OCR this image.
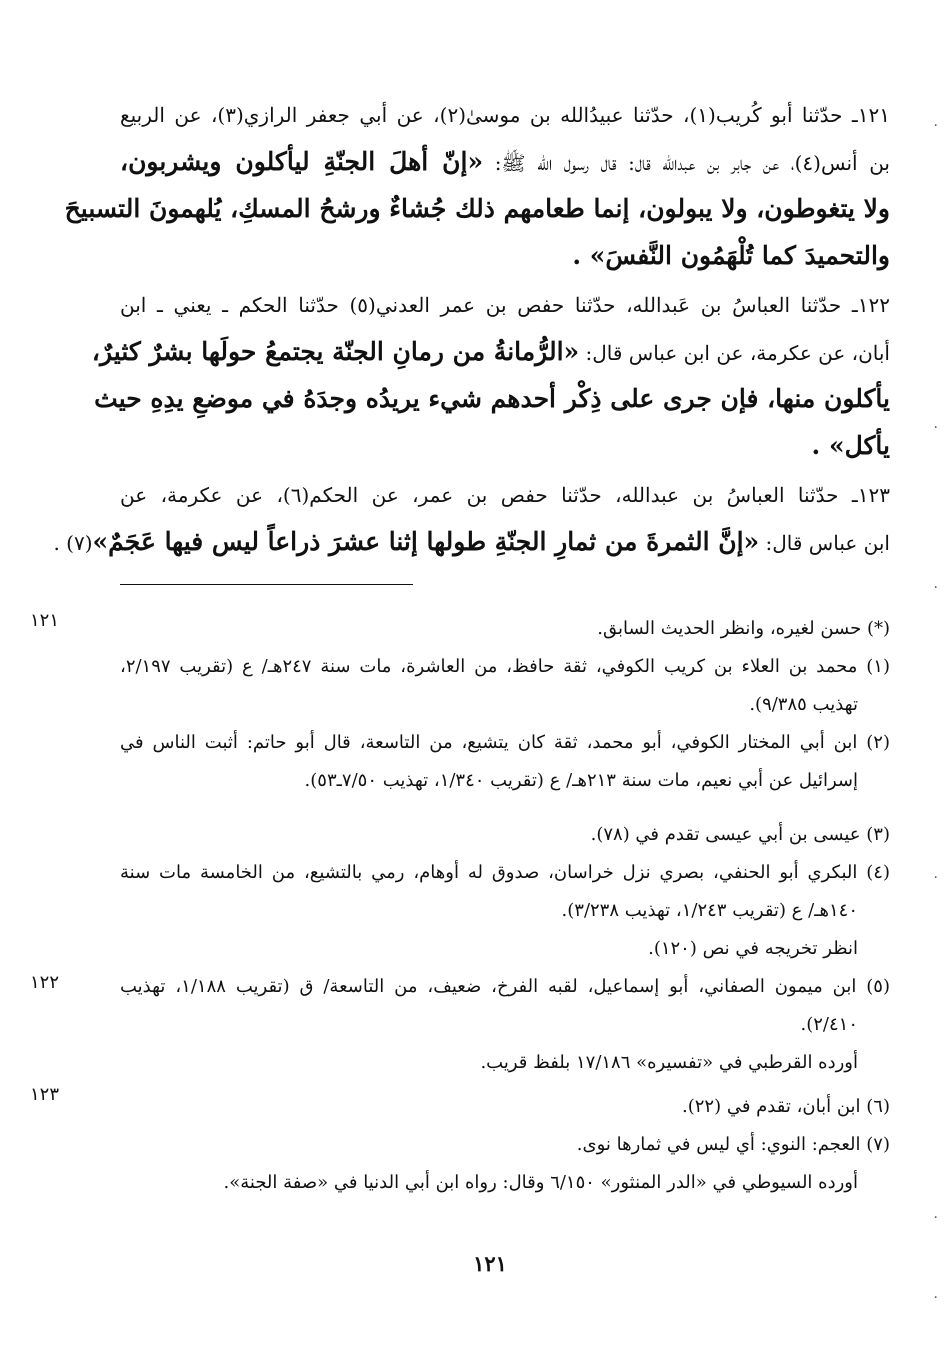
١٢١ـ حدّثنا أبو كُريب(١)، حدّثنا عبيدُالله بن موسىٰ(٢)، عن أبي جعفر الرازي(٣)، عن الربيع
بن أنس(٤)، عن جابر بن عبدالله قال: قال رسول الله ﷺ: «إنّ أهلَ الجنّةِ ليأكلون ويشربون،
ولا يتغوطون، ولا يبولون، إنما طعامهم ذلك جُشاءٌ ورشحُ المسكِ، يُلهمونَ التسبيحَ
والتحميدَ كما تُلْهَمُون النَّفسَ» .
١٢٢ـ حدّثنا العباسُ بن عَبدالله، حدّثنا حفص بن عمر العدني(٥) حدّثنا الحكم ـ يعني ـ ابن
أبان، عن عكرمة، عن ابن عباس قال: «الرُّمانةُ من رمانِ الجنّة يجتمعُ حولَها بشرٌ كثيرٌ،
يأكلون منها، فإن جرى على ذِكْر أحدهم شيء يريدُه وجدَهُ في موضعِ يدِهِ حيث
يأكل» .
١٢٣ـ حدّثنا العباسُ بن عبدالله، حدّثنا حفص بن عمر، عن الحكم(٦)، عن عكرمة، عن
ابن عباس قال: «إنَّ الثمرةَ من ثمارِ الجنّةِ طولها إثنا عشرَ ذراعاً ليس فيها عَجَمٌ»(٧) .
(*) حسن لغيره، وانظر الحديث السابق.
(١) محمد بن العلاء بن كريب الكوفي، ثقة حافظ، من العاشرة، مات سنة ٢٤٧هـ/ ع (تقريب ٢/١٩٧،
تهذيب ٩/٣٨٥).
(٢) ابن أبي المختار الكوفي، أبو محمد، ثقة كان يتشيع، من التاسعة، قال أبو حاتم: أثبت الناس في
إسرائيل عن أبي نعيم، مات سنة ٢١٣هـ/ ع (تقريب ١/٣٤٠، تهذيب ٧/٥٠ـ٥٣).
(٣) عيسى بن أبي عيسى تقدم في (٧٨).
(٤) البكري أبو الحنفي، بصري نزل خراسان، صدوق له أوهام، رمي بالتشيع، من الخامسة مات سنة
١٤٠هـ/ ع (تقريب ١/٢٤٣، تهذيب ٣/٢٣٨).
انظر تخريجه في نص (١٢٠).
(٥) ابن ميمون الصفاني، أبو إسماعيل، لقبه الفرخ، ضعيف، من التاسعة/ ق (تقريب ١/١٨٨، تهذيب
٢/٤١٠).
أورده القرطبي في «تفسيره» ١٧/١٨٦ بلفظ قريب.
(٦) ابن أبان، تقدم في (٢٢).
(٧) العجم: النوي: أي ليس في ثمارها نوى.
أورده السيوطي في «الدر المنثور» ٦/١٥٠ وقال: رواه ابن أبي الدنيا في «صفة الجنة».
١٢١
١٢٢
١٢٣
١٢١
·
·
·
·
·
·
